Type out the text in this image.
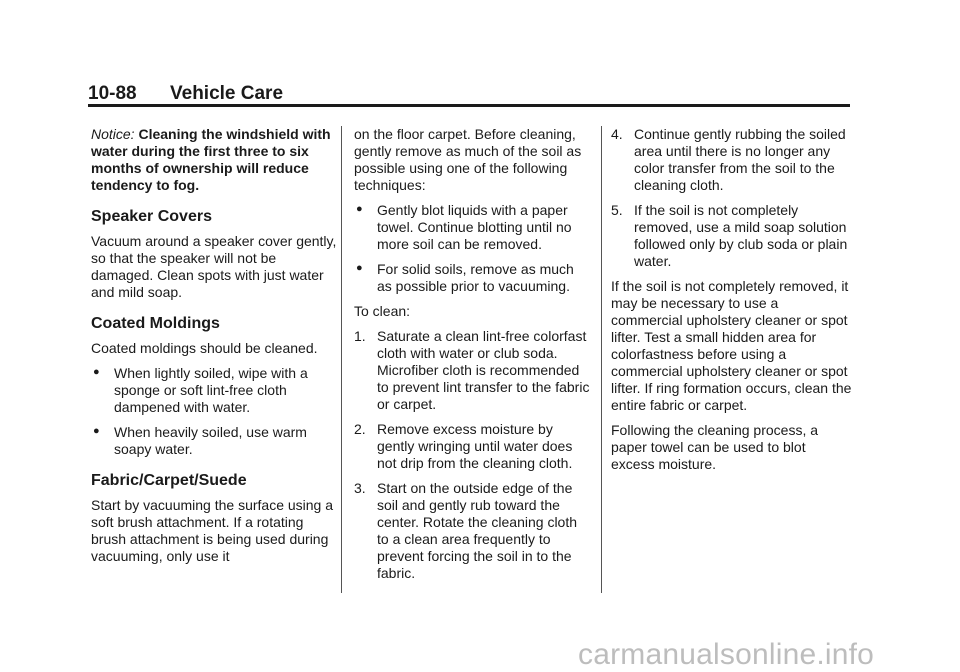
10-88 Vehicle Care

Notice: Cleaning the windshield with water during the first three to six months of ownership will reduce tendency to fog.

Speaker Covers

Vacuum around a speaker cover gently, so that the speaker will not be damaged. Clean spots with just water and mild soap.

Coated Moldings

Coated moldings should be cleaned.

● When lightly soiled, wipe with a sponge or soft lint-free cloth dampened with water.
● When heavily soiled, use warm soapy water.
Fabric/Carpet/Suede

Start by vacuuming the surface using a soft brush attachment. If a rotating brush attachment is being used during vacuuming, only use it

on the floor carpet. Before cleaning, gently remove as much of the soil as possible using one of the following techniques:

● Gently blot liquids with a paper towel. Continue blotting until no more soil can be removed.
● For solid soils, remove as much as possible prior to vacuuming.

To clean:

1. Saturate a clean lint-free colorfast cloth with water or club soda. Microfiber cloth is recommended to prevent lint transfer to the fabric or carpet.
2. Remove excess moisture by gently wringing until water does not drip from the cleaning cloth.
3. Start on the outside edge of the soil and gently rub toward the center. Rotate the cleaning cloth to a clean area frequently to prevent forcing the soil in to the fabric.
4. Continue gently rubbing the soiled area until there is no longer any color transfer from the soil to the cleaning cloth.
5. If the soil is not completely removed, use a mild soap solution followed only by club soda or plain water.

If the soil is not completely removed, it may be necessary to use a commercial upholstery cleaner or spot lifter. Test a small hidden area for colorfastness before using a commercial upholstery cleaner or spot lifter. If ring formation occurs, clean the entire fabric or carpet.

Following the cleaning process, a paper towel can be used to blot excess moisture.

carmanualsonline.info
